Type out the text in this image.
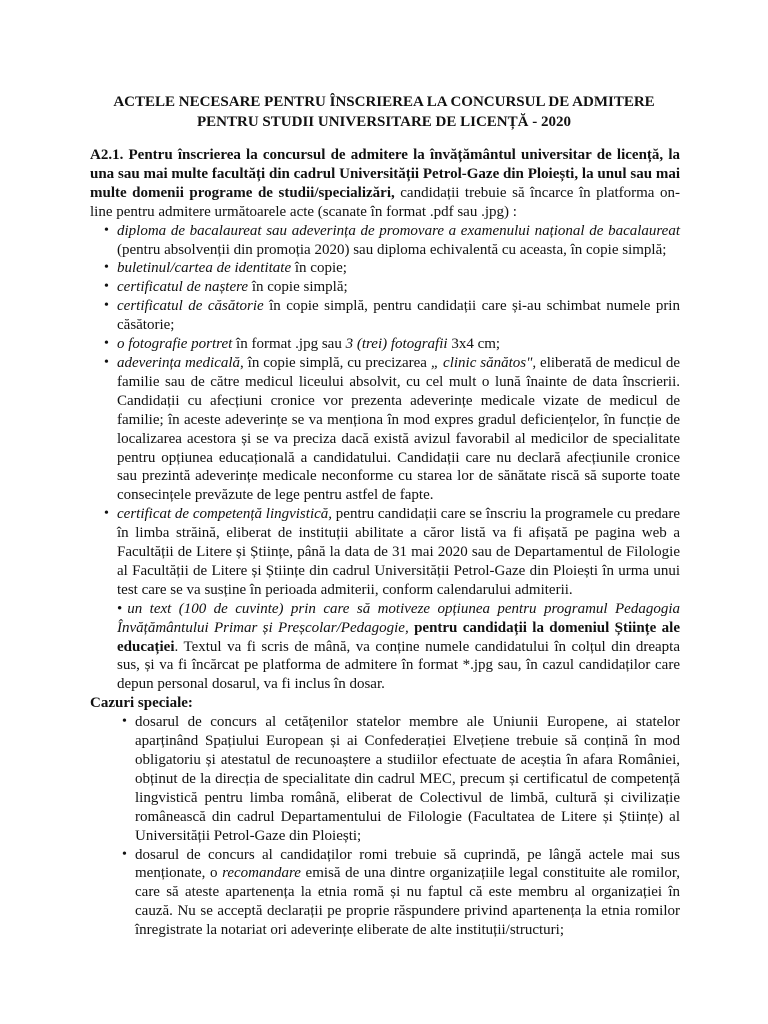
ACTELE NECESARE PENTRU ÎNSCRIEREA LA CONCURSUL DE ADMITERE
PENTRU STUDII UNIVERSITARE DE LICENȚĂ - 2020

A2.1. Pentru înscrierea la concursul de admitere la învățământul universitar de licență, la una sau mai multe facultăți din cadrul Universității Petrol-Gaze din Ploiești, la unul sau mai multe domenii programe de studii/specializări, candidații trebuie să încarce în platforma on-line pentru admitere următoarele acte (scanate în format .pdf sau .jpg) :

• diploma de bacalaureat sau adeverința de promovare a examenului național de bacalaureat (pentru absolvenții din promoția 2020) sau diploma echivalentă cu aceasta, în copie simplă;
• buletinul/cartea de identitate în copie;
• certificatul de naștere în copie simplă;
• certificatul de căsătorie în copie simplă, pentru candidații care și-au schimbat numele prin căsătorie;
• o fotografie portret în format .jpg sau 3 (trei) fotografii 3x4 cm;
• adeverința medicală, în copie simplă, cu precizarea „ clinic sănătos", eliberată de medicul de familie sau de către medicul liceului absolvit, cu cel mult o lună înainte de data înscrierii. Candidații cu afecțiuni cronice vor prezenta adeverințe medicale vizate de medicul de familie; în aceste adeverințe se va menționa în mod expres gradul deficiențelor, în funcție de localizarea acestora și se va preciza dacă există avizul favorabil al medicilor de specialitate pentru opțiunea educațională a candidatului. Candidații care nu declară afecțiunile cronice sau prezintă adeverințe medicale neconforme cu starea lor de sănătate riscă să suporte toate consecințele prevăzute de lege pentru astfel de fapte.
• certificat de competență lingvistică, pentru candidații care se înscriu la programele cu predare în limba străină, eliberat de instituții abilitate a căror listă va fi afișată pe pagina web a Facultății de Litere și Științe, până la data de 31 mai 2020 sau de Departamentul de Filologie al Facultății de Litere și Științe din cadrul Universității Petrol-Gaze din Ploiești în urma unui test care se va susține în perioada admiterii, conform calendarului admiterii.
• un text (100 de cuvinte) prin care să motiveze opțiunea pentru programul Pedagogia Învățământului Primar și Preșcolar/Pedagogie, pentru candidații la domeniul Științe ale educației. Textul va fi scris de mână, va conține numele candidatului în colțul din dreapta sus, și va fi încărcat pe platforma de admitere în format *.jpg sau, în cazul candidaților care depun personal dosarul, va fi inclus în dosar.
Cazuri speciale:
• dosarul de concurs al cetățenilor statelor membre ale Uniunii Europene, ai statelor aparținând Spațiului European și ai Confederației Elvețiene trebuie să conțină în mod obligatoriu și atestatul de recunoaștere a studiilor efectuate de aceștia în afara României, obținut de la direcția de specialitate din cadrul MEC, precum și certificatul de competență lingvistică pentru limba română, eliberat de Colectivul de limbă, cultură și civilizație românească din cadrul Departamentului de Filologie (Facultatea de Litere și Științe) al Universității Petrol-Gaze din Ploiești;
• dosarul de concurs al candidaților romi trebuie să cuprindă, pe lângă actele mai sus menționate, o recomandare emisă de una dintre organizațiile legal constituite ale romilor, care să ateste apartenența la etnia romă și nu faptul că este membru al organizației în cauză. Nu se acceptă declarații pe proprie răspundere privind apartenența la etnia romilor înregistrate la notariat ori adeverințe eliberate de alte instituții/structuri;
